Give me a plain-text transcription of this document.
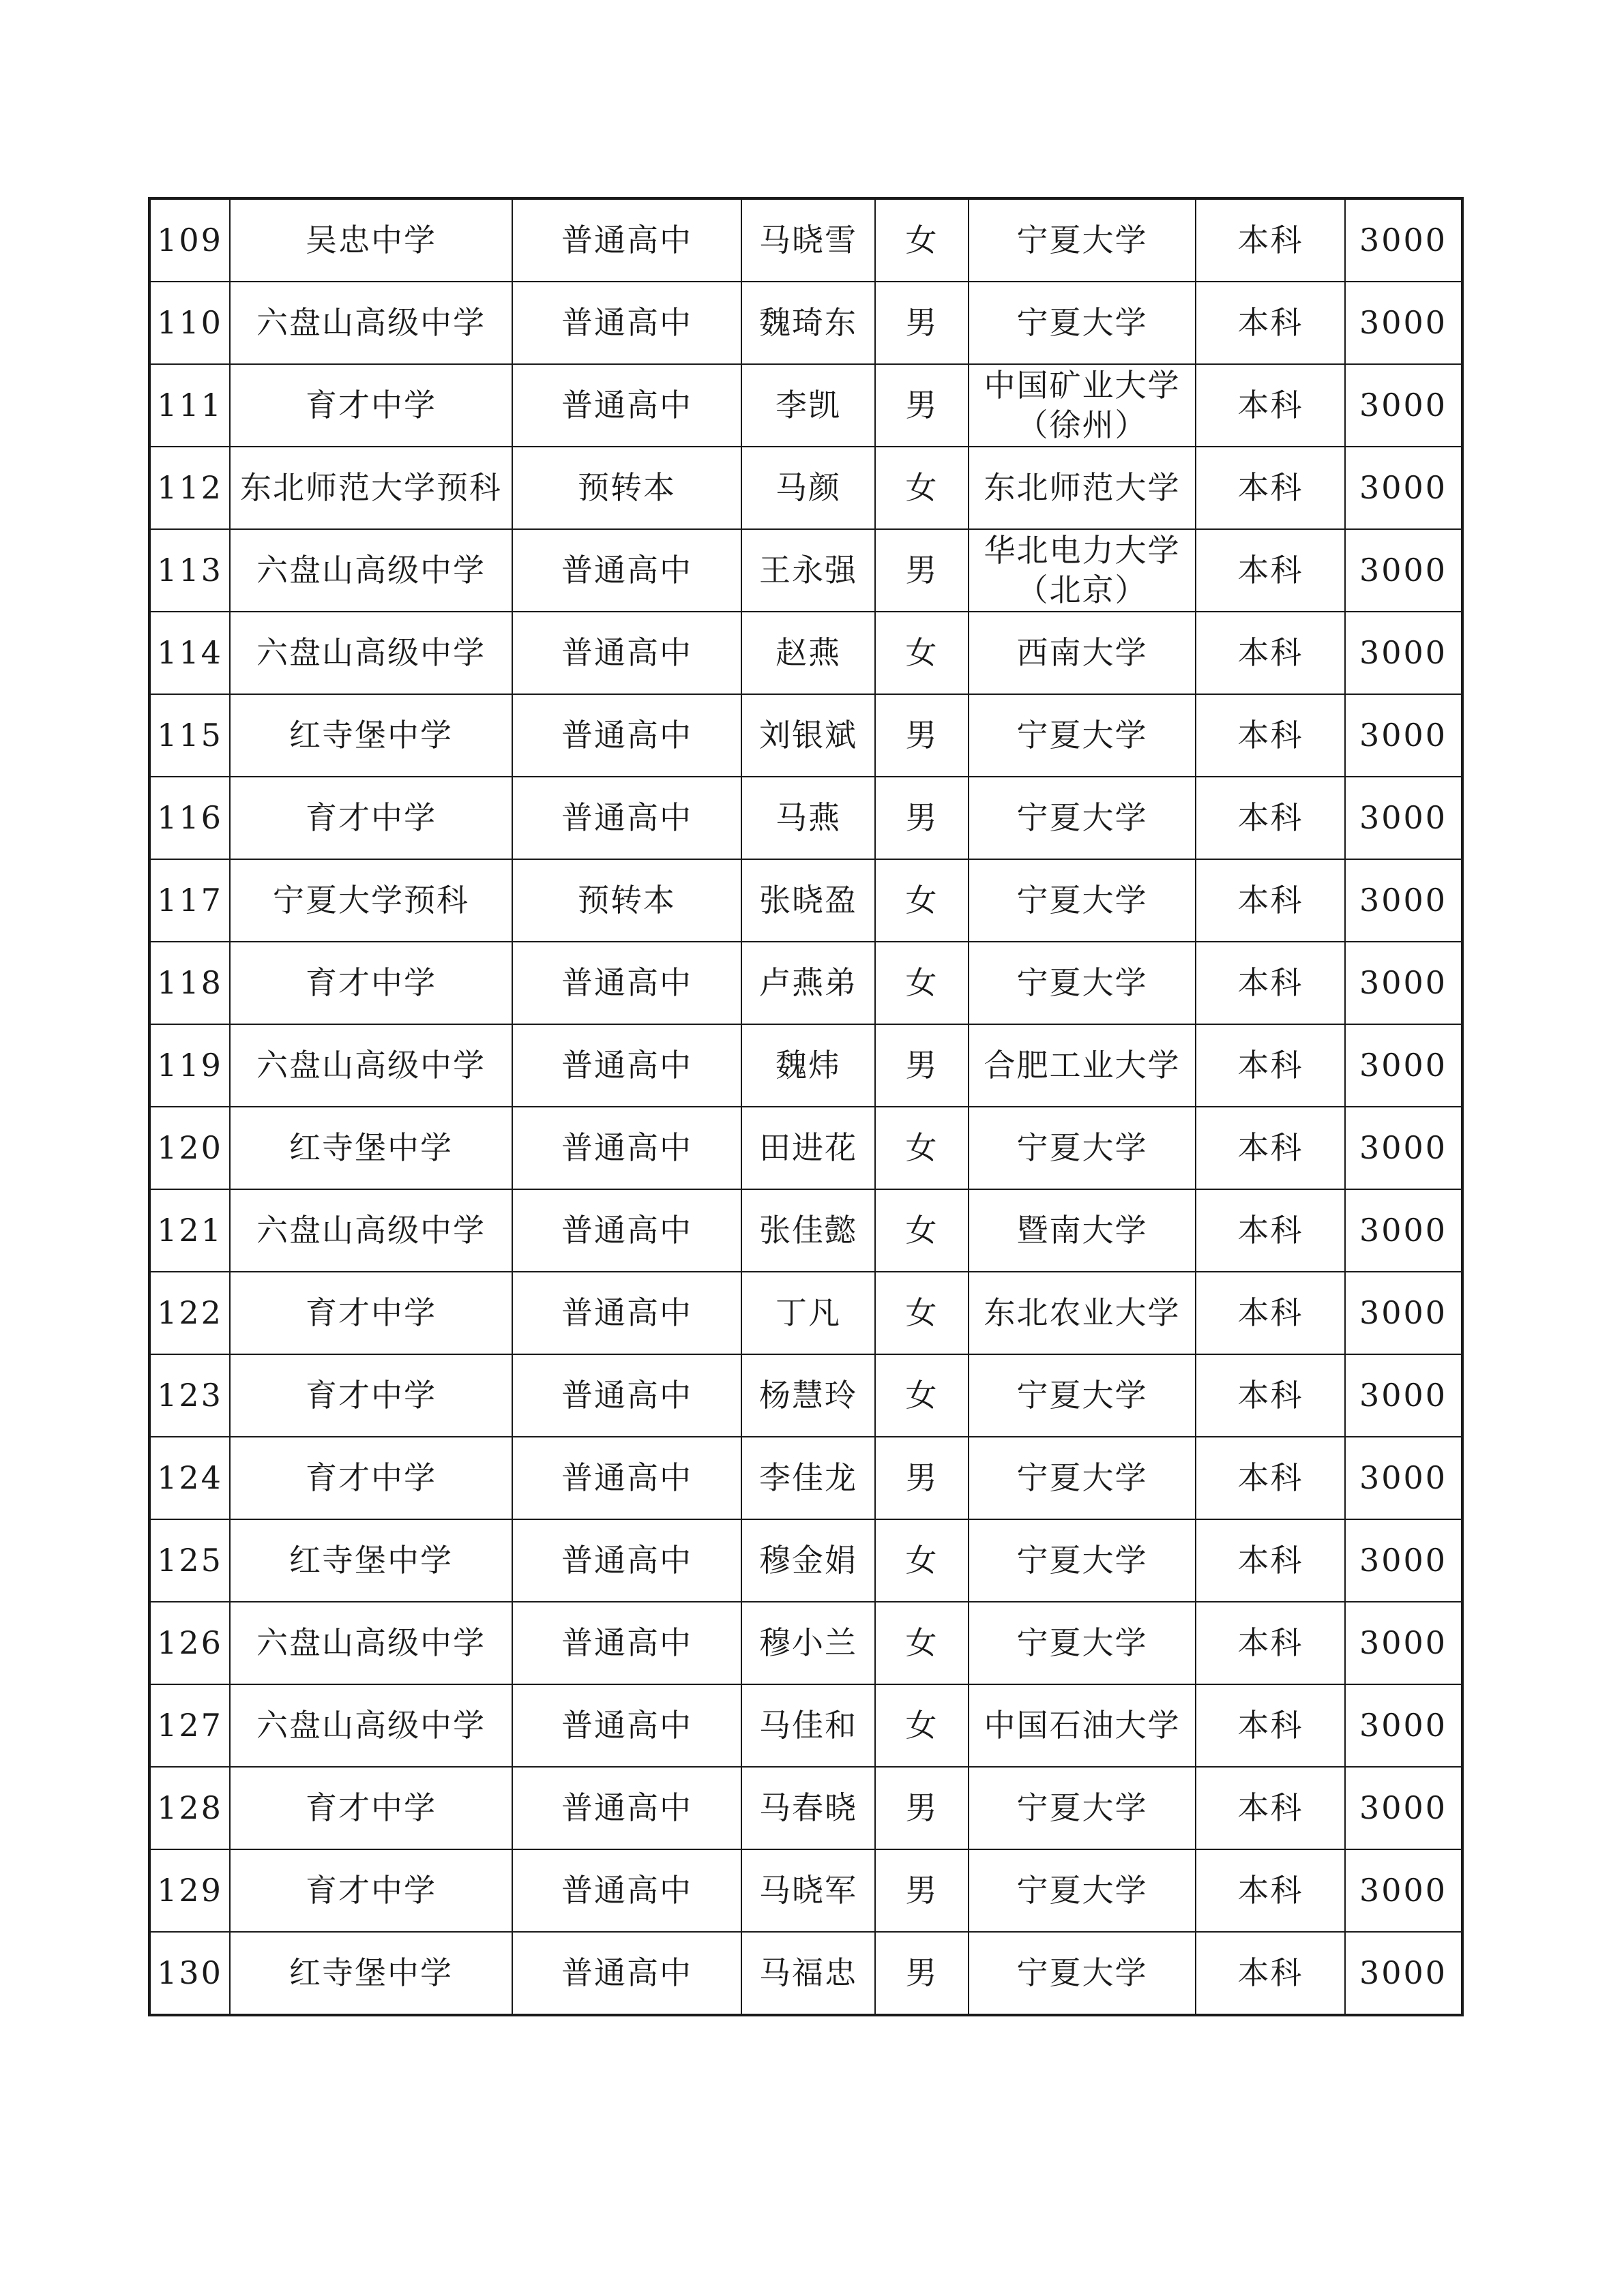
109	吴忠中学	普通高中	马晓雪	女	宁夏大学	本科	3000
110	六盘山高级中学	普通高中	魏琦东	男	宁夏大学	本科	3000
111	育才中学	普通高中	李凯	男	中国矿业大学（徐州）	本科	3000
112	东北师范大学预科	预转本	马颜	女	东北师范大学	本科	3000
113	六盘山高级中学	普通高中	王永强	男	华北电力大学（北京）	本科	3000
114	六盘山高级中学	普通高中	赵燕	女	西南大学	本科	3000
115	红寺堡中学	普通高中	刘银斌	男	宁夏大学	本科	3000
116	育才中学	普通高中	马燕	男	宁夏大学	本科	3000
117	宁夏大学预科	预转本	张晓盈	女	宁夏大学	本科	3000
118	育才中学	普通高中	卢燕弟	女	宁夏大学	本科	3000
119	六盘山高级中学	普通高中	魏炜	男	合肥工业大学	本科	3000
120	红寺堡中学	普通高中	田进花	女	宁夏大学	本科	3000
121	六盘山高级中学	普通高中	张佳懿	女	暨南大学	本科	3000
122	育才中学	普通高中	丁凡	女	东北农业大学	本科	3000
123	育才中学	普通高中	杨慧玲	女	宁夏大学	本科	3000
124	育才中学	普通高中	李佳龙	男	宁夏大学	本科	3000
125	红寺堡中学	普通高中	穆金娟	女	宁夏大学	本科	3000
126	六盘山高级中学	普通高中	穆小兰	女	宁夏大学	本科	3000
127	六盘山高级中学	普通高中	马佳和	女	中国石油大学	本科	3000
128	育才中学	普通高中	马春晓	男	宁夏大学	本科	3000
129	育才中学	普通高中	马晓军	男	宁夏大学	本科	3000
130	红寺堡中学	普通高中	马福忠	男	宁夏大学	本科	3000
